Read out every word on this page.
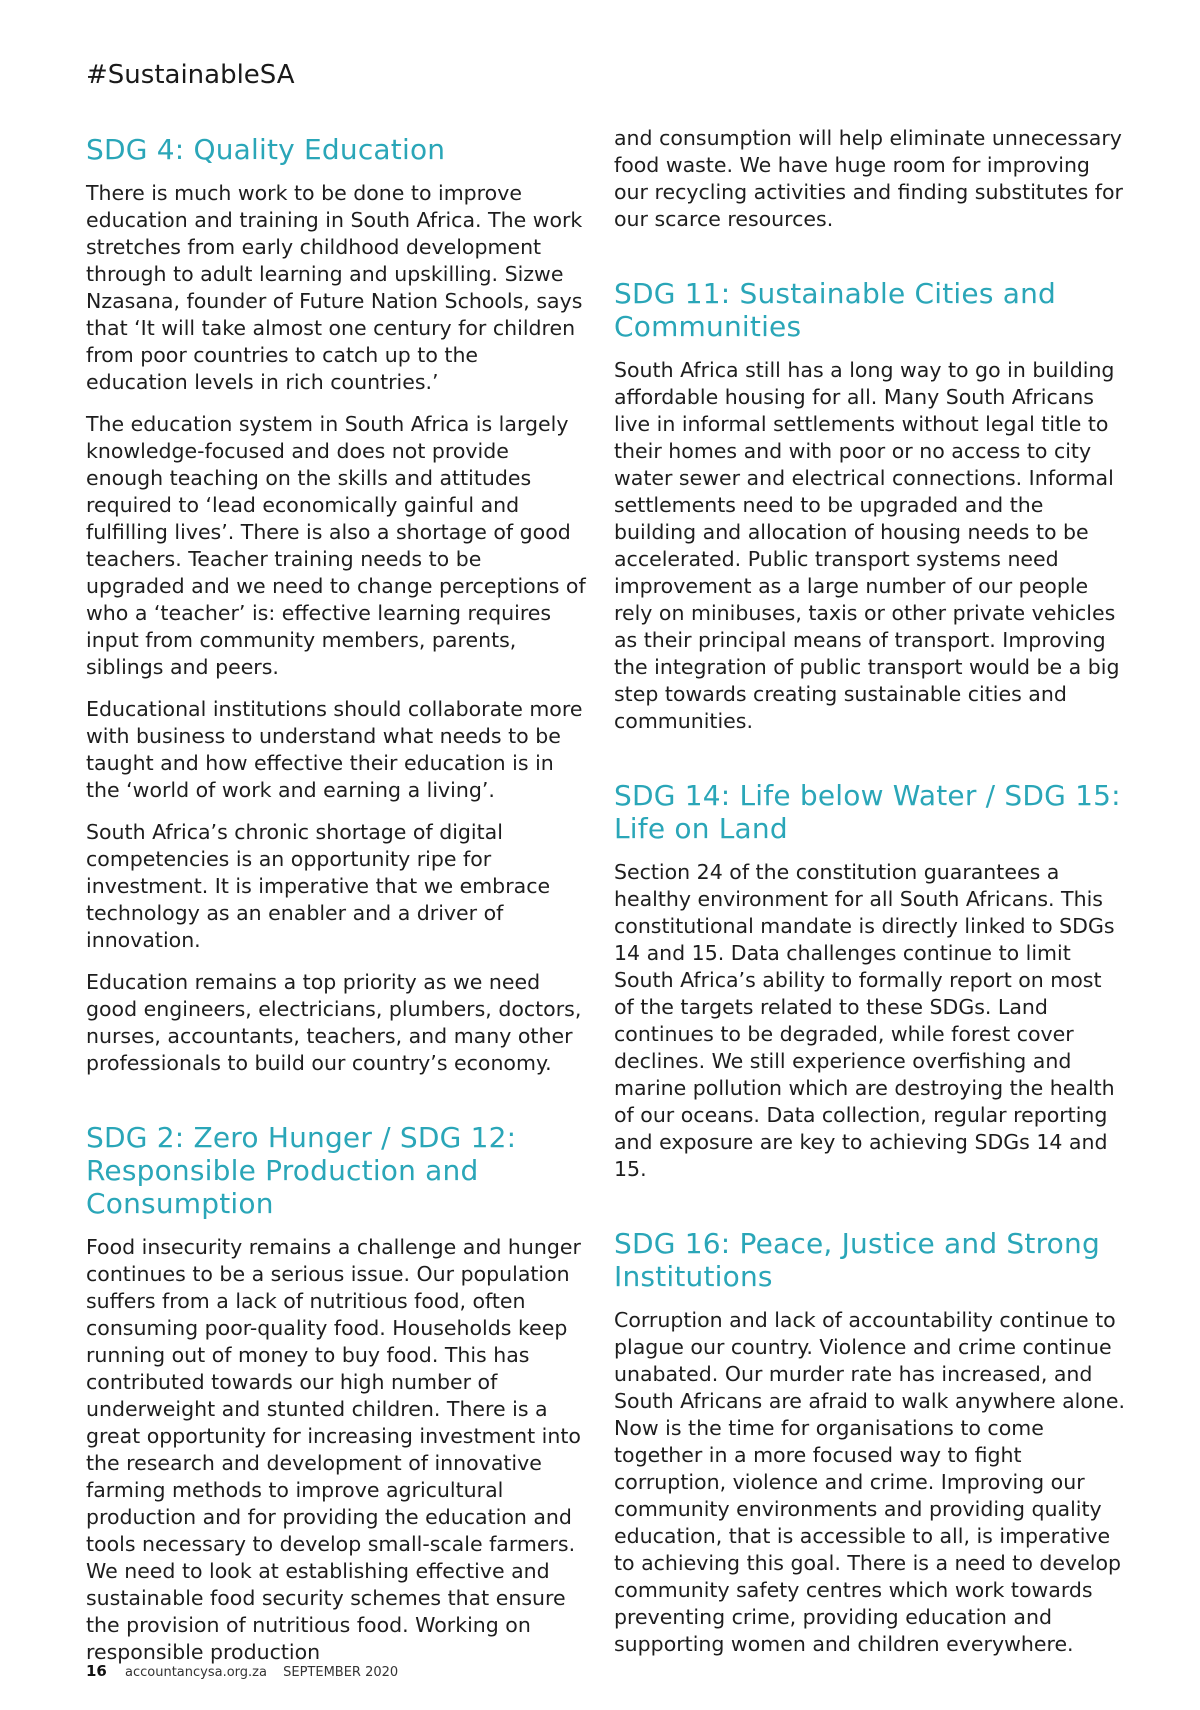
#SustainableSA
SDG 4: Quality Education

There is much work to be done to improve education and training in South Africa. The work stretches from early childhood development through to adult learning and upskilling. Sizwe Nzasana, founder of Future Nation Schools, says that ‘It will take almost one century for children from poor countries to catch up to the education levels in rich countries.’

The education system in South Africa is largely knowledge-focused and does not provide enough teaching on the skills and attitudes required to ‘lead economically gainful and fulfilling lives’. There is also a shortage of good teachers. Teacher training needs to be upgraded and we need to change perceptions of who a ‘teacher’ is: effective learning requires input from community members, parents, siblings and peers.

Educational institutions should collaborate more with business to understand what needs to be taught and how effective their education is in the ‘world of work and earning a living’.

South Africa’s chronic shortage of digital competencies is an opportunity ripe for investment. It is imperative that we embrace technology as an enabler and a driver of innovation.

Education remains a top priority as we need good engineers, electricians, plumbers, doctors, nurses, accountants, teachers, and many other professionals to build our country’s economy.

SDG 2: Zero Hunger / SDG 12: Responsible Production and Consumption

Food insecurity remains a challenge and hunger continues to be a serious issue. Our population suffers from a lack of nutritious food, often consuming poor-quality food. Households keep running out of money to buy food. This has contributed towards our high number of underweight and stunted children. There is a great opportunity for increasing investment into the research and development of innovative farming methods to improve agricultural production and for providing the education and tools necessary to develop small-scale farmers. We need to look at establishing effective and sustainable food security schemes that ensure the provision of nutritious food. Working on responsible production

and consumption will help eliminate unnecessary food waste. We have huge room for improving our recycling activities and finding substitutes for our scarce resources.

SDG 11: Sustainable Cities and Communities

South Africa still has a long way to go in building affordable housing for all. Many South Africans live in informal settlements without legal title to their homes and with poor or no access to city water sewer and electrical connections. Informal settlements need to be upgraded and the building and allocation of housing needs to be accelerated. Public transport systems need improvement as a large number of our people rely on minibuses, taxis or other private vehicles as their principal means of transport. Improving the integration of public transport would be a big step towards creating sustainable cities and communities.

SDG 14: Life below Water / SDG 15: Life on Land

Section 24 of the constitution guarantees a healthy environment for all South Africans. This constitutional mandate is directly linked to SDGs 14 and 15. Data challenges continue to limit South Africa’s ability to formally report on most of the targets related to these SDGs. Land continues to be degraded, while forest cover declines. We still experience overfishing and marine pollution which are destroying the health of our oceans. Data collection, regular reporting and exposure are key to achieving SDGs 14 and 15.

SDG 16: Peace, Justice and Strong Institutions

Corruption and lack of accountability continue to plague our country. Violence and crime continue unabated. Our murder rate has increased, and South Africans are afraid to walk anywhere alone. Now is the time for organisations to come together in a more focused way to fight corruption, violence and crime. Improving our community environments and providing quality education, that is accessible to all, is imperative to achieving this goal. There is a need to develop community safety centres which work towards preventing crime, providing education and supporting women and children everywhere.

16 accountancysa.org.za SEPTEMBER 2020
